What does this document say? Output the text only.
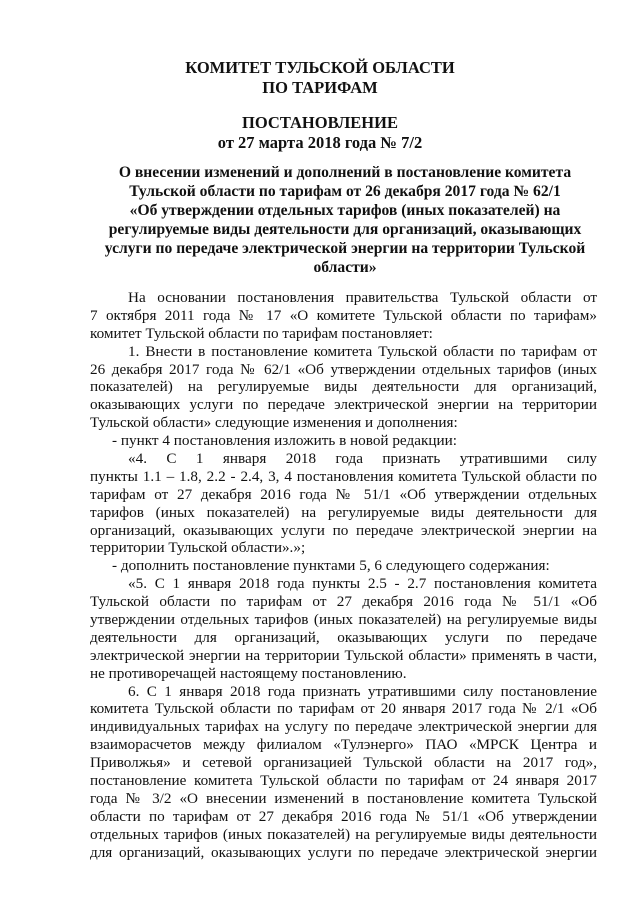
КОМИТЕТ ТУЛЬСКОЙ ОБЛАСТИ
ПО ТАРИФАМ
ПОСТАНОВЛЕНИЕ
от 27 марта 2018 года № 7/2
О внесении изменений и дополнений в постановление комитета
Тульской области по тарифам от 26 декабря 2017 года № 62/1
«Об утверждении отдельных тарифов (иных показателей) на
регулируемые виды деятельности для организаций, оказывающих
услуги по передаче электрической энергии на территории Тульской
области»
На основании постановления правительства Тульской области от
7 октября 2011 года № 17 «О комитете Тульской области по тарифам»
комитет Тульской области по тарифам постановляет:
1. Внести в постановление комитета Тульской области по тарифам от
26 декабря 2017 года № 62/1 «Об утверждении отдельных тарифов (иных
показателей) на регулируемые виды деятельности для организаций,
оказывающих услуги по передаче электрической энергии на территории
Тульской области» следующие изменения и дополнения:
- пункт 4 постановления изложить в новой редакции:
«4. С 1 января 2018 года признать утратившими силу
пункты 1.1 – 1.8, 2.2 - 2.4, 3, 4 постановления комитета Тульской области по
тарифам от 27 декабря 2016 года № 51/1 «Об утверждении отдельных
тарифов (иных показателей) на регулируемые виды деятельности для
организаций, оказывающих услуги по передаче электрической энергии на
территории Тульской области».»;
- дополнить постановление пунктами 5, 6 следующего содержания:
«5. С 1 января 2018 года пункты 2.5 - 2.7 постановления комитета
Тульской области по тарифам от 27 декабря 2016 года № 51/1 «Об
утверждении отдельных тарифов (иных показателей) на регулируемые виды
деятельности для организаций, оказывающих услуги по передаче
электрической энергии на территории Тульской области» применять в части,
не противоречащей настоящему постановлению.
6. С 1 января 2018 года признать утратившими силу постановление
комитета Тульской области по тарифам от 20 января 2017 года № 2/1 «Об
индивидуальных тарифах на услугу по передаче электрической энергии для
взаиморасчетов между филиалом «Тулэнерго» ПАО «МРСК Центра и
Приволжья» и сетевой организацией Тульской области на 2017 год»,
постановление комитета Тульской области по тарифам от 24 января 2017
года № 3/2 «О внесении изменений в постановление комитета Тульской
области по тарифам от 27 декабря 2016 года № 51/1 «Об утверждении
отдельных тарифов (иных показателей) на регулируемые виды деятельности
для организаций, оказывающих услуги по передаче электрической энергии
